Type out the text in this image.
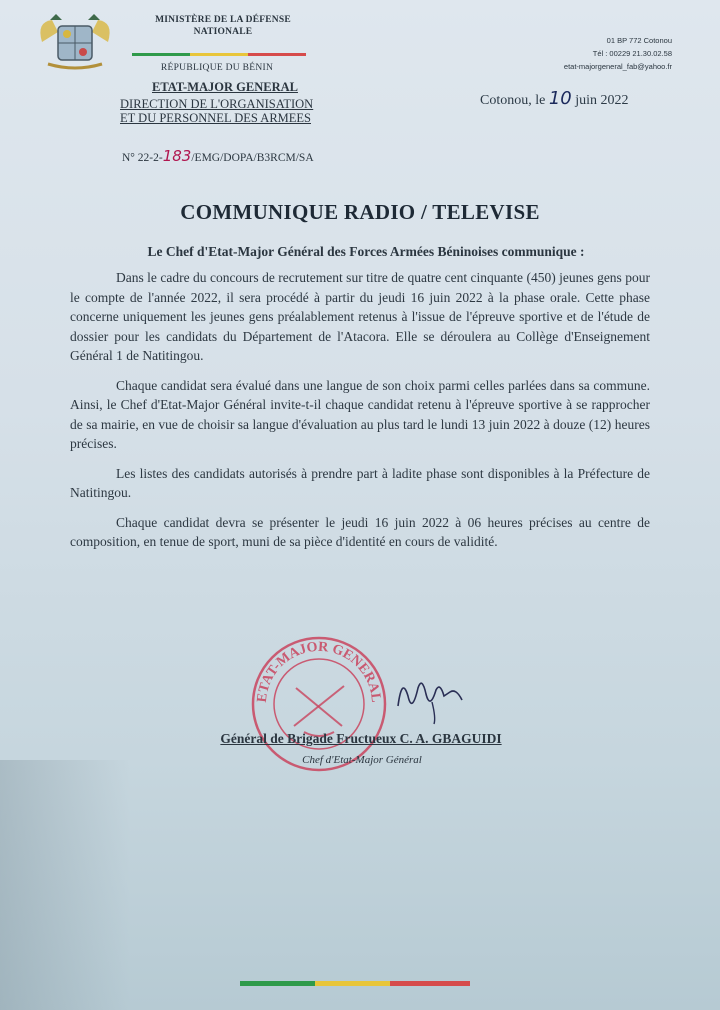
MINISTÈRE DE LA DÉFENSE
NATIONALE
RÉPUBLIQUE DU BÉNIN
01 BP 772 Cotonou
Tél : 00229 21.30.02.58
etat-majorgeneral_fab@yahoo.fr
Cotonou, le 10 juin 2022
ETAT-MAJOR GENERAL
DIRECTION DE L'ORGANISATION
ET DU PERSONNEL DES ARMEES
N° 22-2-183/EMG/DOPA/B3RCM/SA
COMMUNIQUE RADIO / TELEVISE
Le Chef d'Etat-Major Général des Forces Armées Béninoises communique :

Dans le cadre du concours de recrutement sur titre de quatre cent cinquante (450) jeunes gens pour le compte de l'année 2022, il sera procédé à partir du jeudi 16 juin 2022 à la phase orale. Cette phase concerne uniquement les jeunes gens préalablement retenus à l'issue de l'épreuve sportive et de l'étude de dossier pour les candidats du Département de l'Atacora. Elle se déroulera au Collège d'Enseignement Général 1 de Natitingou.

Chaque candidat sera évalué dans une langue de son choix parmi celles parlées dans sa commune. Ainsi, le Chef d'Etat-Major Général invite-t-il chaque candidat retenu à l'épreuve sportive à se rapprocher de sa mairie, en vue de choisir sa langue d'évaluation au plus tard le lundi 13 juin 2022 à douze (12) heures précises.

Les listes des candidats autorisés à prendre part à ladite phase sont disponibles à la Préfecture de Natitingou.

Chaque candidat devra se présenter le jeudi 16 juin 2022 à 06 heures précises au centre de composition, en tenue de sport, muni de sa pièce d'identité en cours de validité.

ETAT-MAJOR GENERAL
Général de Brigade Fructueux C. A. GBAGUIDI
Chef d'Etat-Major Général
